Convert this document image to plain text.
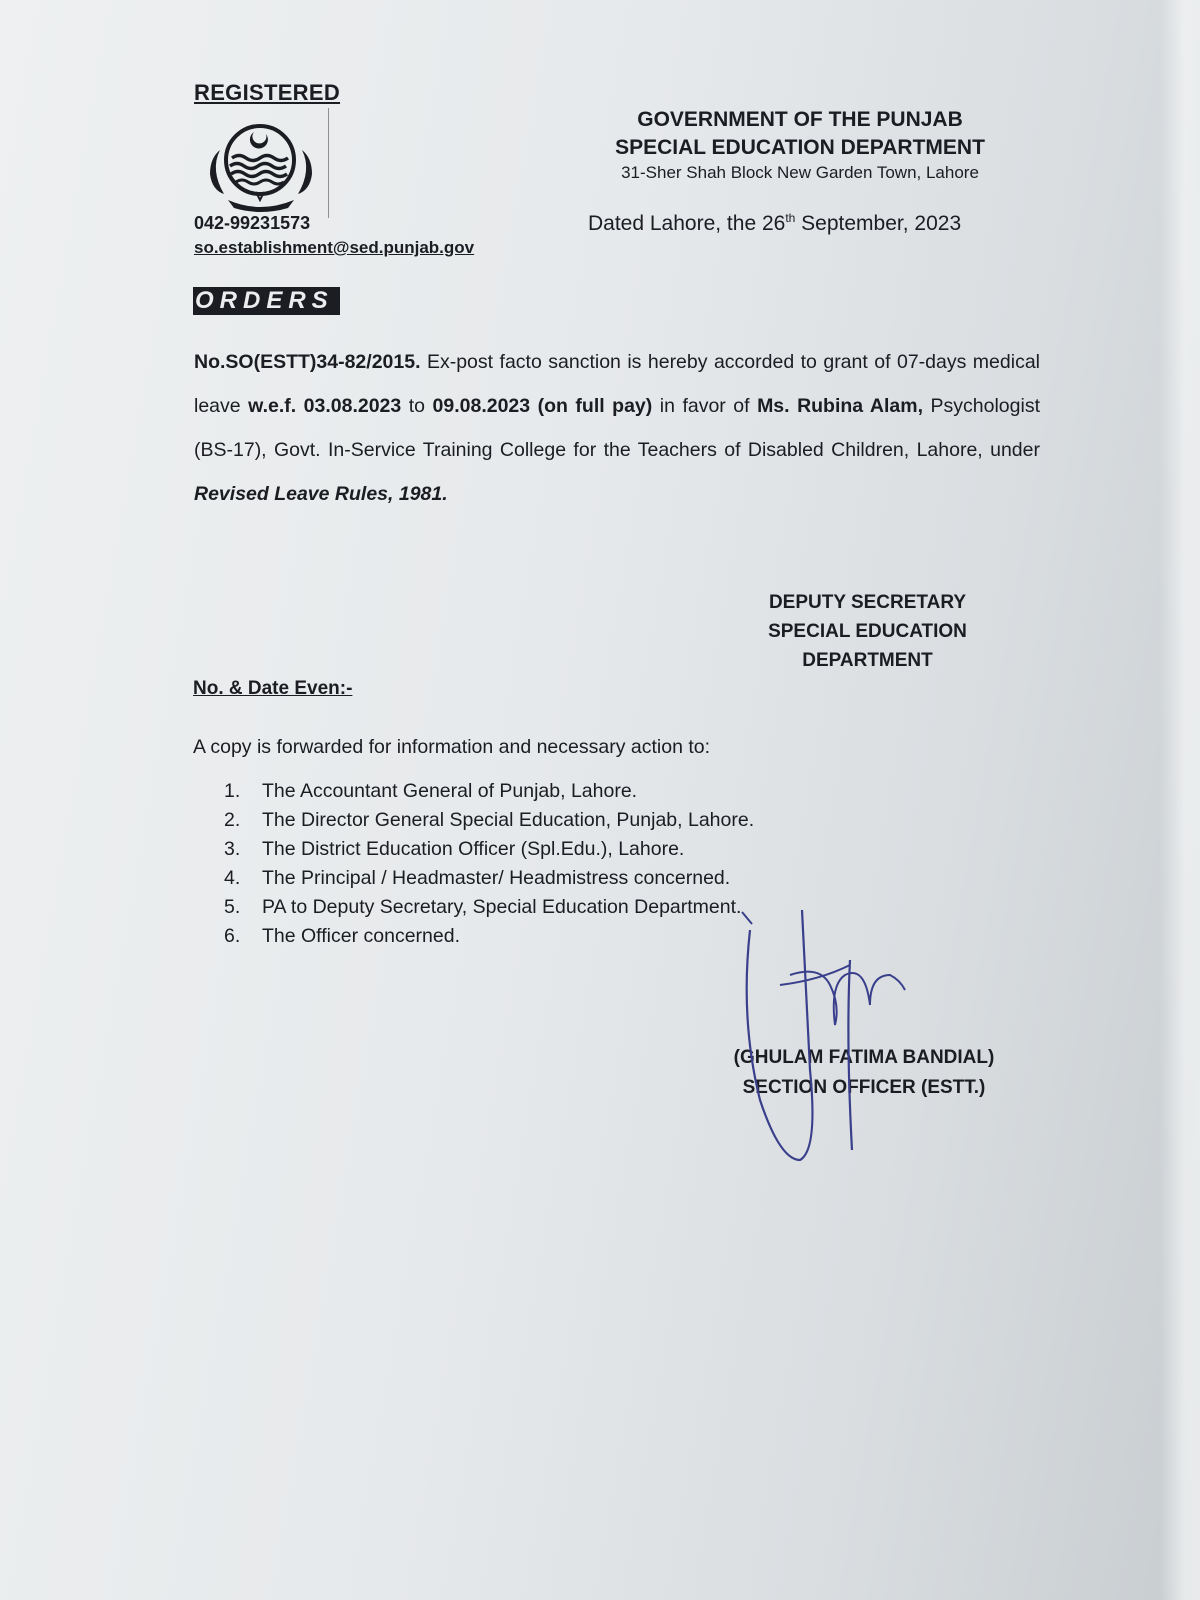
REGISTERED
042-99231573
so.establishment@sed.punjab.gov
GOVERNMENT OF THE PUNJAB
SPECIAL EDUCATION DEPARTMENT
31-Sher Shah Block New Garden Town, Lahore
Dated Lahore, the 26th September, 2023
ORDERS
No.SO(ESTT)34-82/2015. Ex-post facto sanction is hereby accorded to grant of 07-days medical leave w.e.f. 03.08.2023 to 09.08.2023 (on full pay) in favor of Ms. Rubina Alam, Psychologist (BS-17), Govt. In-Service Training College for the Teachers of Disabled Children, Lahore, under Revised Leave Rules, 1981.
DEPUTY SECRETARY
SPECIAL EDUCATION
DEPARTMENT
No. & Date Even:-
A copy is forwarded for information and necessary action to:
1.	The Accountant General of Punjab, Lahore.
2.	The Director General Special Education, Punjab, Lahore.
3.	The District Education Officer (Spl.Edu.), Lahore.
4.	The Principal / Headmaster/ Headmistress concerned.
5.	PA to Deputy Secretary, Special Education Department.
6.	The Officer concerned.
(GHULAM FATIMA BANDIAL)
SECTION OFFICER (ESTT.)
